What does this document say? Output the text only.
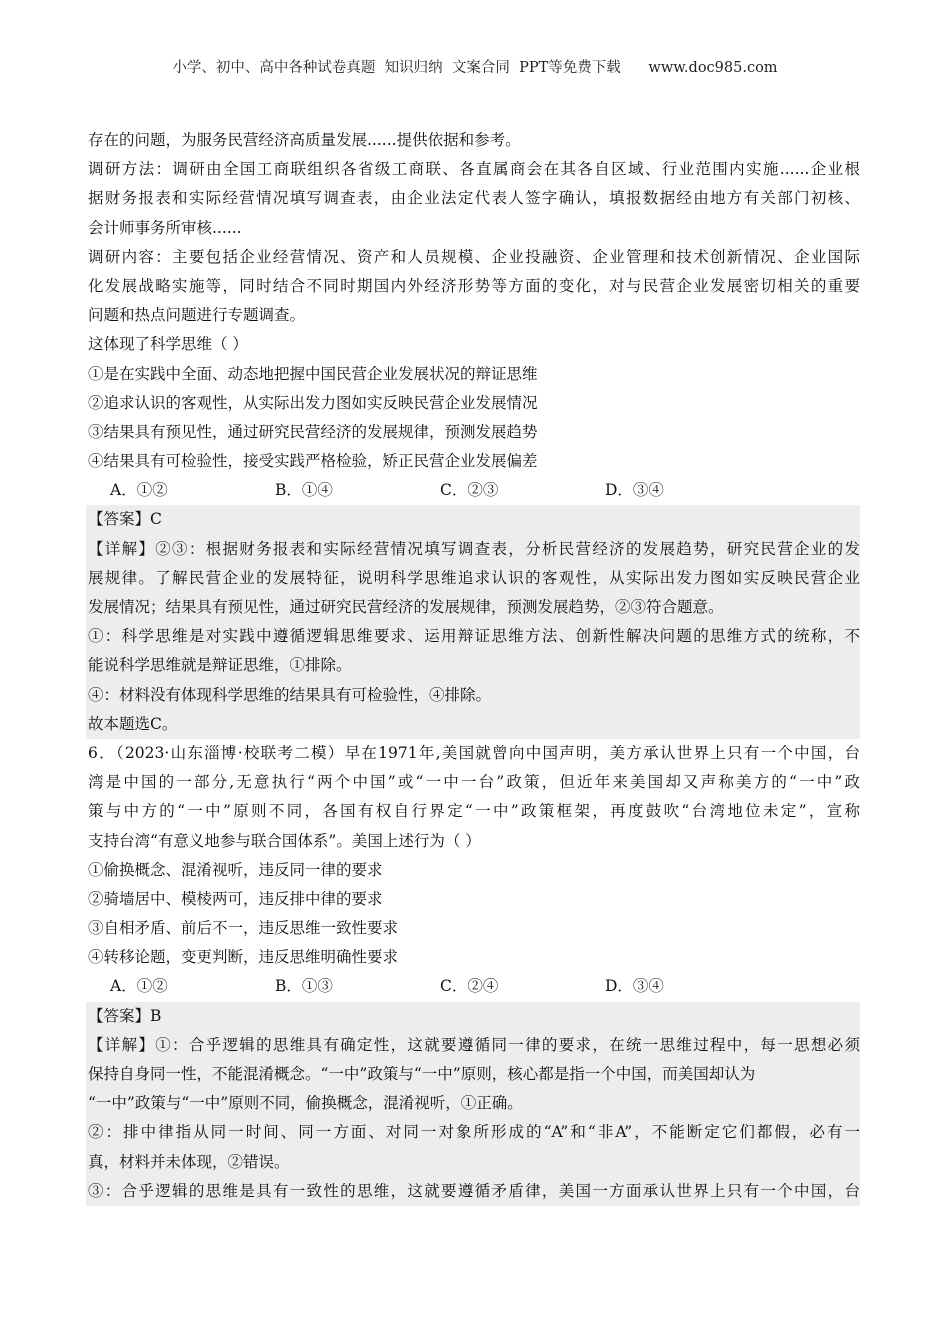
小学、初中、高中各种试卷真题  知识归纳  文案合同  PPT等免费下载      www.doc985.com
存在的问题，为服务民营经济高质量发展......提供依据和参考。
调研方法：调研由全国工商联组织各省级工商联、各直属商会在其各自区域、行业范围内实施......企业根
据财务报表和实际经营情况填写调查表，由企业法定代表人签字确认，填报数据经由地方有关部门初核、
会计师事务所审核......
调研内容：主要包括企业经营情况、资产和人员规模、企业投融资、企业管理和技术创新情况、企业国际
化发展战略实施等，同时结合不同时期国内外经济形势等方面的变化，对与民营企业发展密切相关的重要
问题和热点问题进行专题调查。
这体现了科学思维（ ）
①是在实践中全面、动态地把握中国民营企业发展状况的辩证思维
②追求认识的客观性，从实际出发力图如实反映民营企业发展情况
③结果具有预见性，通过研究民营经济的发展规律，预测发展趋势
④结果具有可检验性，接受实践严格检验，矫正民营企业发展偏差
A．①②	B．①④	C．②③	D．③④
【答案】C
【详解】②③：根据财务报表和实际经营情况填写调查表，分析民营经济的发展趋势，研究民营企业的发
展规律。了解民营企业的发展特征，说明科学思维追求认识的客观性，从实际出发力图如实反映民营企业
发展情况；结果具有预见性，通过研究民营经济的发展规律，预测发展趋势，②③符合题意。
①：科学思维是对实践中遵循逻辑思维要求、运用辩证思维方法、创新性解决问题的思维方式的统称，不
能说科学思维就是辩证思维，①排除。
④：材料没有体现科学思维的结果具有可检验性，④排除。
故本题选C。
6．（2023·山东淄博·校联考二模）早在1971年,美国就曾向中国声明，美方承认世界上只有一个中国，台
湾是中国的一部分,无意执行“两个中国”或“一中一台”政策，但近年来美国却又声称美方的“一中”政
策与中方的“一中”原则不同，各国有权自行界定“一中”政策框架，再度鼓吹“台湾地位未定”，宣称
支持台湾“有意义地参与联合国体系”。美国上述行为（ ）
①偷换概念、混淆视听，违反同一律的要求
②骑墙居中、模棱两可，违反排中律的要求
③自相矛盾、前后不一，违反思维一致性要求
④转移论题，变更判断，违反思维明确性要求
A．①②	B．①③	C．②④	D．③④
【答案】B
【详解】①：合乎逻辑的思维具有确定性，这就要遵循同一律的要求，在统一思维过程中，每一思想必须
保持自身同一性，不能混淆概念。“一中”政策与“一中”原则，核心都是指一个中国，而美国却认为
“一中”政策与“一中”原则不同，偷换概念，混淆视听，①正确。
②：排中律指从同一时间、同一方面、对同一对象所形成的“A”和“非A”，不能断定它们都假，必有一
真，材料并未体现，②错误。
③：合乎逻辑的思维是具有一致性的思维，这就要遵循矛盾律，美国一方面承认世界上只有一个中国，台
